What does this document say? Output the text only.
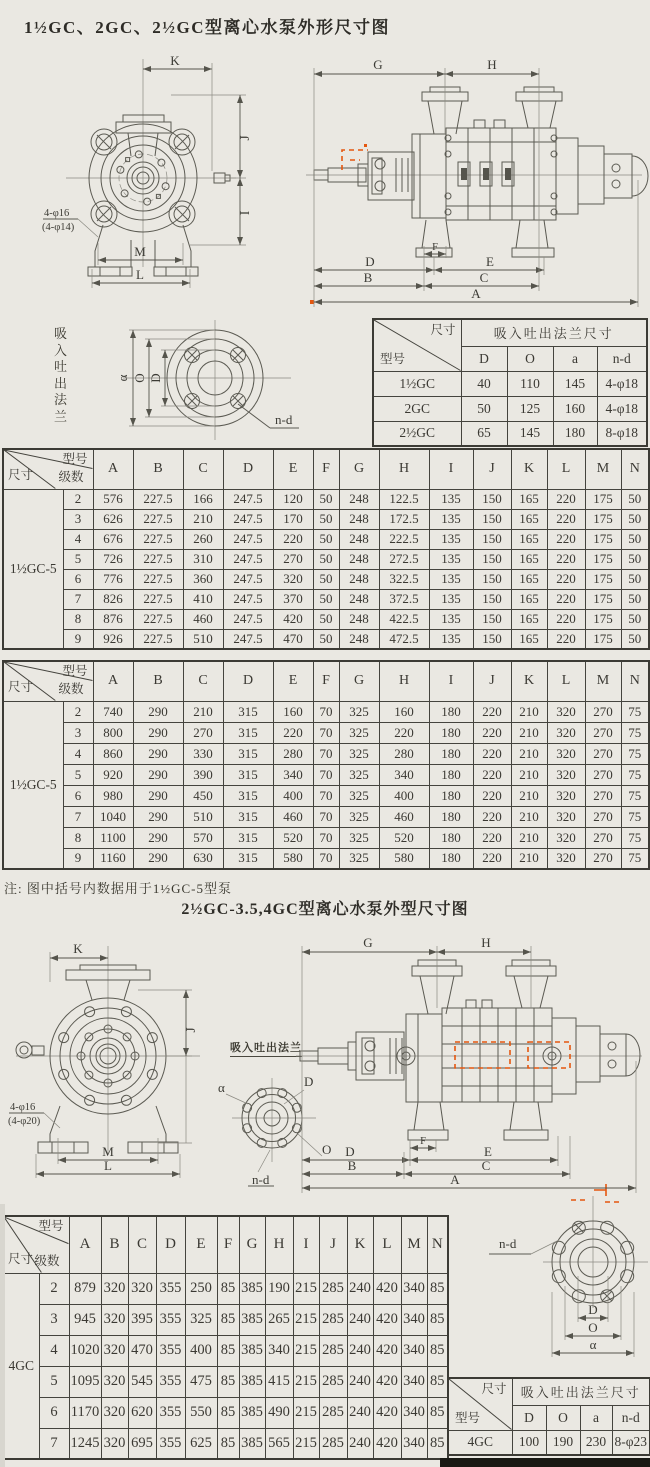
1½GC、2GC、2½GC型离心水泵外形尺寸图
注: 图中括号内数据用于1½GC-5型泵
2½GC-3.5,4GC型离心水泵外型尺寸图
吸入吐出法兰
吸入吐出法兰
K
J
I
M
L
4-φ16
(4-φ14)
G	H
F
D	E
B	C
A
α O D
n-d
尺寸
型号	吸入吐出法兰尺寸			
	D	O	a	n-d
1½GC	40	110	145	4-φ18
2GC	50	125	160	4-φ18
2½GC	65	145	180	8-φ18
型号
级数
尺寸		A	B	C	D	E	F	G	H	I	J	K	L	M	N
1½GC-5	2	576	227.5	166	247.5	120	50	248	122.5	135	150	165	220	175	50
	3	626	227.5	210	247.5	170	50	248	172.5	135	150	165	220	175	50
	4	676	227.5	260	247.5	220	50	248	222.5	135	150	165	220	175	50
	5	726	227.5	310	247.5	270	50	248	272.5	135	150	165	220	175	50
	6	776	227.5	360	247.5	320	50	248	322.5	135	150	165	220	175	50
	7	826	227.5	410	247.5	370	50	248	372.5	135	150	165	220	175	50
	8	876	227.5	460	247.5	420	50	248	422.5	135	150	165	220	175	50
	9	926	227.5	510	247.5	470	50	248	472.5	135	150	165	220	175	50
型号
级数
尺寸		A	B	C	D	E	F	G	H	I	J	K	L	M	N
1½GC-5	2	740	290	210	315	160	70	325	160	180	220	210	320	270	75
	3	800	290	270	315	220	70	325	220	180	220	210	320	270	75
	4	860	290	330	315	280	70	325	280	180	220	210	320	270	75
	5	920	290	390	315	340	70	325	340	180	220	210	320	270	75
	6	980	290	450	315	400	70	325	400	180	220	210	320	270	75
	7	1040	290	510	315	460	70	325	460	180	220	210	320	270	75
	8	1100	290	570	315	520	70	325	520	180	220	210	320	270	75
	9	1160	290	630	315	580	70	325	580	180	220	210	320	270	75
K
J
M
L
4-φ16
(4-φ20)
α	D
O
n-d
G	H
F
D	E
B	C
A
型号
级数
尺寸		A	B	C	D	E	F	G	H	I	J	K	L	M	N
4GC	2	879	320	320	355	250	85	385	190	215	285	240	420	340	85
	3	945	320	395	355	325	85	385	265	215	285	240	420	340	85
	4	1020	320	470	355	400	85	385	340	215	285	240	420	340	85
	5	1095	320	545	355	475	85	385	415	215	285	240	420	340	85
	6	1170	320	620	355	550	85	385	490	215	285	240	420	340	85
	7	1245	320	695	355	625	85	385	565	215	285	240	420	340	85
n-d
D
O
α
尺寸
型号	吸入吐出法兰尺寸			
	D	O	a	n-d
4GC	100	190	230	8-φ23
